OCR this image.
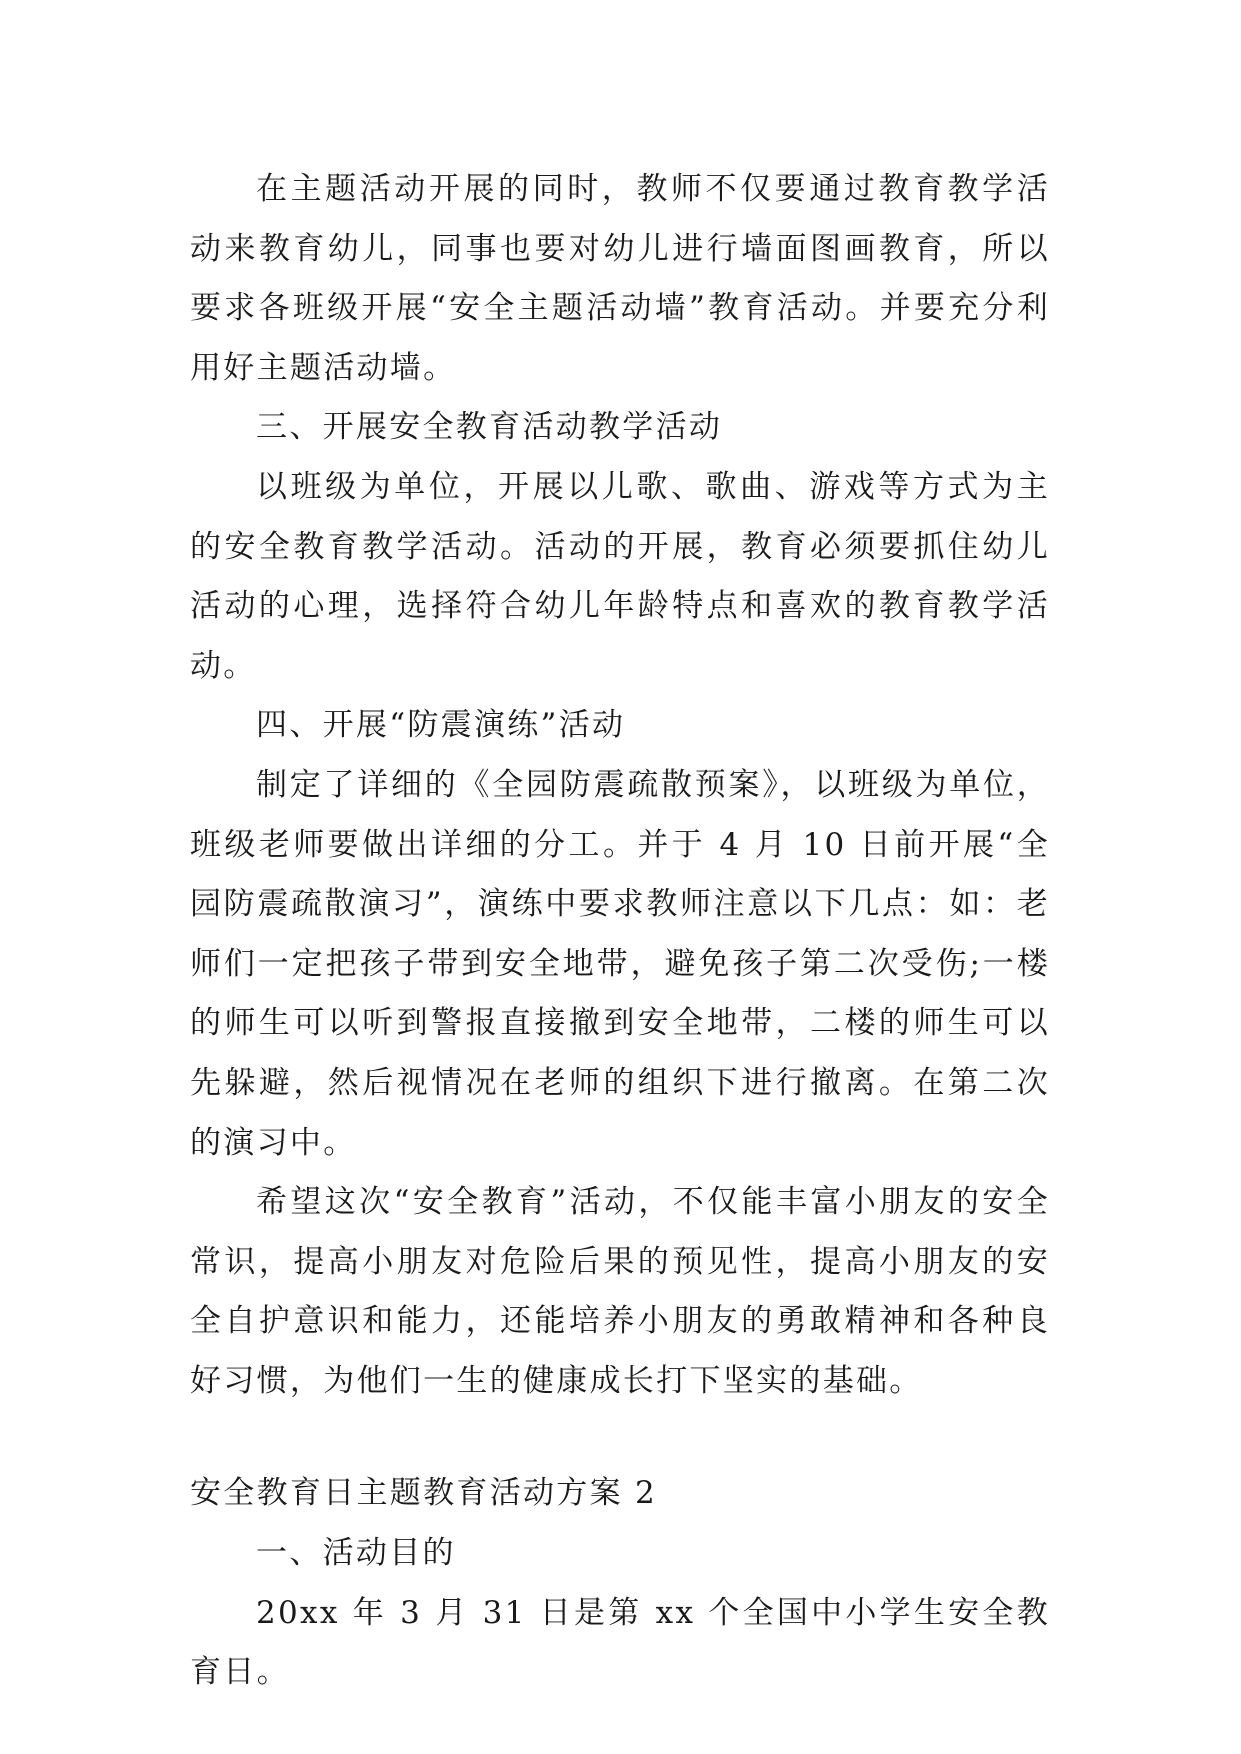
在主题活动开展的同时，教师不仅要通过教育教学活动来教育幼儿，同事也要对幼儿进行墙面图画教育，所以要求各班级开展“安全主题活动墙”教育活动。并要充分利用好主题活动墙。

三、开展安全教育活动教学活动

以班级为单位，开展以儿歌、歌曲、游戏等方式为主的安全教育教学活动。活动的开展，教育必须要抓住幼儿活动的心理，选择符合幼儿年龄特点和喜欢的教育教学活动。

四、开展“防震演练”活动

制定了详细的《全园防震疏散预案》，以班级为单位，班级老师要做出详细的分工。并于 4 月 10 日前开展“全园防震疏散演习”，演练中要求教师注意以下几点：如：老师们一定把孩子带到安全地带，避免孩子第二次受伤;一楼的师生可以听到警报直接撤到安全地带，二楼的师生可以先躲避，然后视情况在老师的组织下进行撤离。在第二次的演习中。

希望这次“安全教育”活动，不仅能丰富小朋友的安全常识，提高小朋友对危险后果的预见性，提高小朋友的安全自护意识和能力，还能培养小朋友的勇敢精神和各种良好习惯，为他们一生的健康成长打下坚实的基础。

安全教育日主题教育活动方案 2

一、活动目的

20xx 年 3 月 31 日是第 xx 个全国中小学生安全教育日。
